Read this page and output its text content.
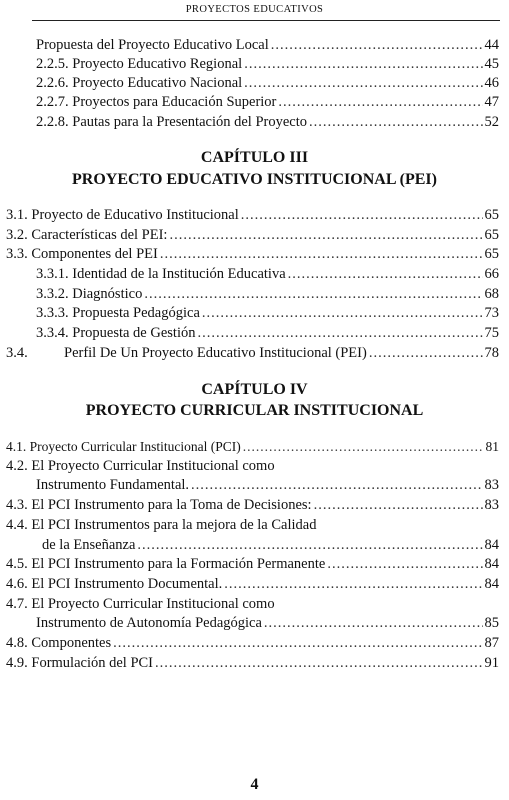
PROYECTOS EDUCATIVOS
Propuesta del Proyecto Educativo Local .....	44
2.2.5. Proyecto Educativo Regional .....	45
2.2.6. Proyecto Educativo Nacional .....	46
2.2.7. Proyectos para Educación Superior .....	47
2.2.8. Pautas para la Presentación del Proyecto .....	52
CAPÍTULO III
PROYECTO EDUCATIVO INSTITUCIONAL (PEI)
3.1. Proyecto de Educativo Institucional .....	65
3.2. Características del PEI: .....	65
3.3. Componentes del PEI .....	65
3.3.1. Identidad de la Institución Educativa .....	66
3.3.2. Diagnóstico .....	68
3.3.3. Propuesta Pedagógica .....	73
3.3.4. Propuesta de Gestión .....	75
3.4.	Perfil De Un Proyecto Educativo Institucional (PEI) .....	78
CAPÍTULO IV
PROYECTO CURRICULAR INSTITUCIONAL
4.1. Proyecto Curricular Institucional (PCI) .....	81
4.2. El Proyecto Curricular Institucional como
Instrumento Fundamental. .....	83
4.3. El PCI Instrumento para la Toma de Decisiones: .....	83
4.4. El PCI Instrumentos para la mejora de la Calidad
de la Enseñanza .....	84
4.5. El PCI Instrumento para la Formación Permanente .....	84
4.6. El PCI Instrumento Documental. .....	84
4.7. El Proyecto Curricular Institucional como
Instrumento de Autonomía Pedagógica .....	85
4.8. Componentes .....	87
4.9. Formulación del PCI .....	91
4
